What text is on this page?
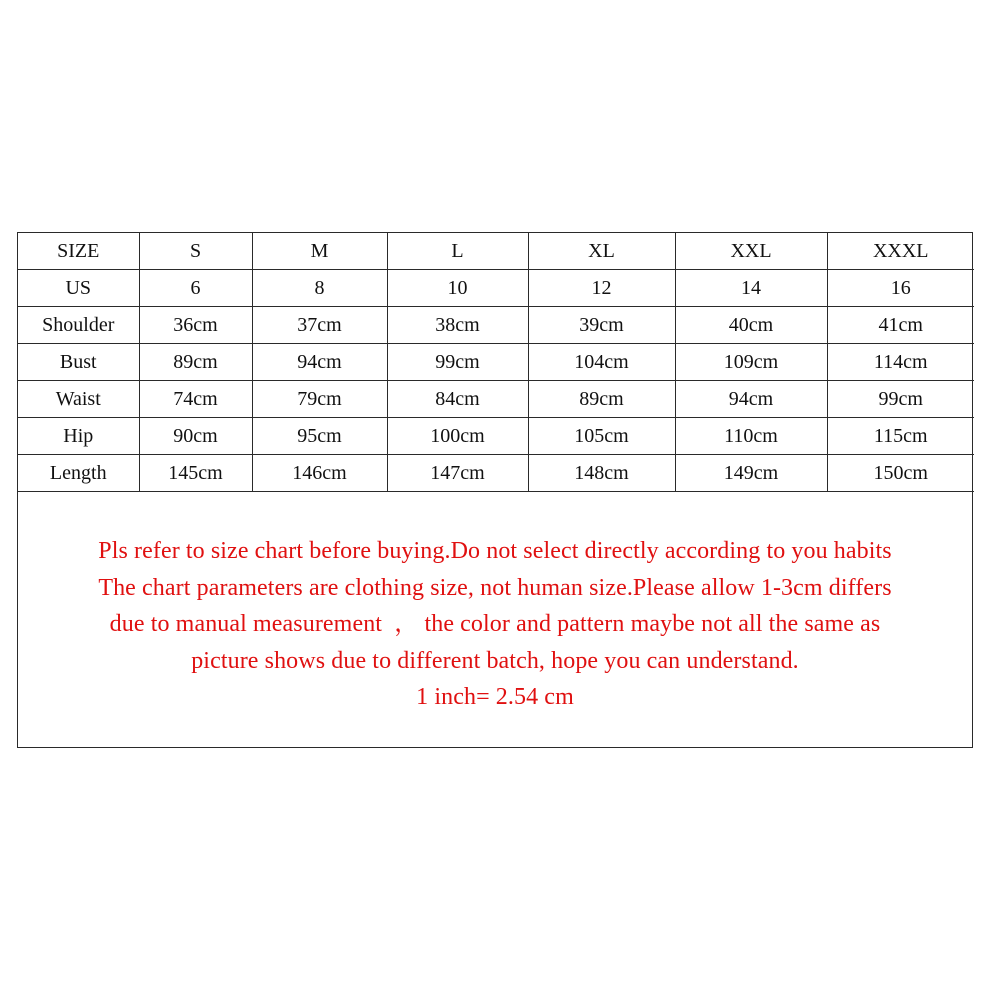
SIZE	S	M	L	XL	XXL	XXXL
US	6	8	10	12	14	16
Shoulder	36cm	37cm	38cm	39cm	40cm	41cm
Bust	89cm	94cm	99cm	104cm	109cm	114cm
Waist	74cm	79cm	84cm	89cm	94cm	99cm
Hip	90cm	95cm	100cm	105cm	110cm	115cm
Length	145cm	146cm	147cm	148cm	149cm	150cm

Pls refer to size chart before buying.Do not select directly according to you habits

The chart parameters are clothing size, not human size.Please allow 1-3cm differs

due to manual measurement  ， the color and pattern maybe not all the same as

picture shows due to different batch, hope you can understand.

1 inch= 2.54 cm
